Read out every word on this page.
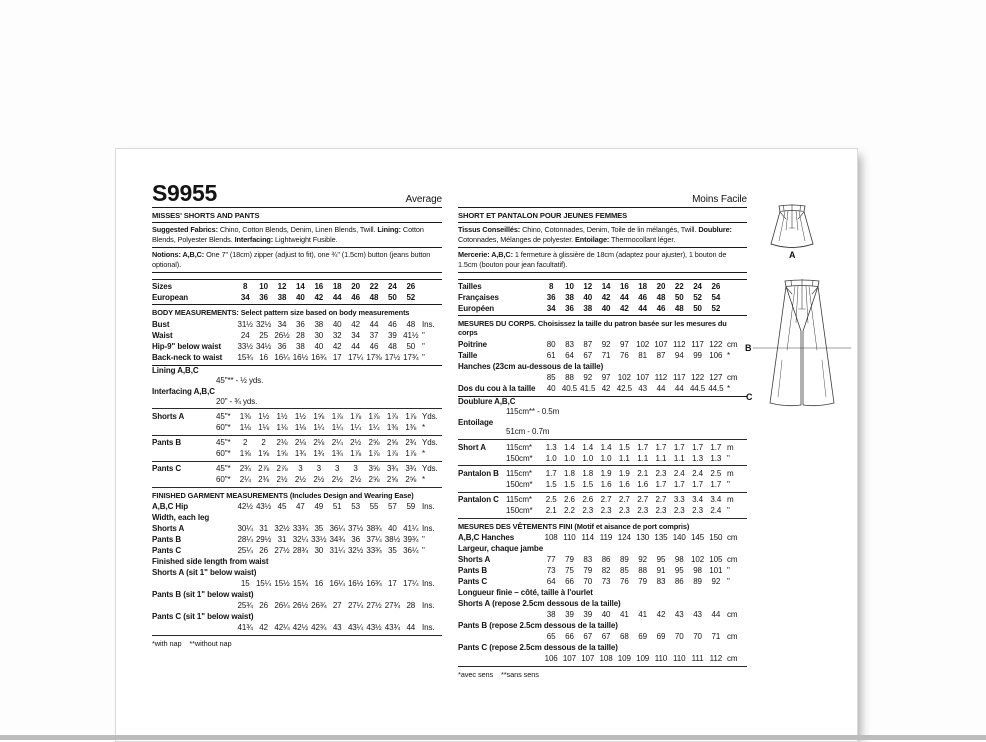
S9955	Average
MISSES' SHORTS AND PANTS
Suggested Fabrics: Chino, Cotton Blends, Denim, Linen Blends, Twill. Lining: Cotton Blends, Polyester Blends. Interfacing: Lightweight Fusible.
Notions: A,B,C: One 7" (18cm) zipper (adjust to fit), one ¾" (1.5cm) button (jeans button optional).
Sizes	8	10	12	14	16	18	20	22	24	26
European	34	36	38	40	42	44	46	48	50	52
BODY MEASUREMENTS: Select pattern size based on body measurements
Bust	31½ 32½ 34	36	38	40	42	44	46	48 Ins.
Waist	24	25 26½ 28	30	32	34	37	39 41½ "
Hip-9" below waist	33½ 34½ 36	38	40	42	44	46	48	50 "
Back-neck to waist	15¾ 16 16¼ 16½ 16¾ 17 17¼ 17⅜ 17½ 17¾ "
Lining A,B,C
45"** - ½ yds.
Interfacing A,B,C
20" - ¾ yds.
Shorts A	45"*	1⅜ 1½ 1½ 1½ 1⅝ 1⅞ 1⅞ 1⅞ 1⅞ 1⅞ Yds.
60"*	1⅛ 1⅛ 1⅛ 1⅛ 1¼ 1¼ 1¼ 1¼ 1⅜ 1⅜ *
Pants B	45"*	2	2	2⅛ 2⅛ 2⅛ 2¼ 2½ 2⅝ 2⅝ 2¾ Yds.
60"*	1⅝ 1⅝ 1⅝ 1¾ 1¾ 1¾ 1⅞ 1⅞ 1⅞ 1⅞ *
Pants C	45"*	2¾ 2⅞ 2⅞	3	3	3	3	3⅝ 3¾ 3¾ Yds.
60"*	2¼ 2⅜ 2½ 2½ 2½ 2½ 2½ 2⅝ 2⅝ 2⅝ *
FINISHED GARMENT MEASUREMENTS (Includes Design and Wearing Ease)
A,B,C Hip	42½ 43½ 45	47	49	51	53	55	57	59 Ins.
Width, each leg
Shorts A	30¼ 31 32½ 33¾ 35 36¼ 37½ 38¾ 40 41¼ Ins.
Pants B	28¼ 29½ 31 32¼ 33½ 34¾ 36 37¼ 38½ 39¾ "
Pants C	25¼ 26 27½ 28¾ 30 31¼ 32½ 33¾ 35 36¼ "
Finished side length from waist
Shorts A (sit 1" below waist)
15 15¼ 15½ 15¾ 16 16¼ 16½ 16¾ 17 17¼ Ins.
Pants B (sit 1" below waist)
25¾ 26 26¼ 26½ 26¾ 27 27¼ 27½ 27¾ 28 Ins.
Pants C (sit 1" below waist)
41¾ 42 42¼ 42½ 42¾ 43 43¼ 43½ 43¾ 44 Ins.
*with nap    **without nap
Moins Facile
SHORT ET PANTALON POUR JEUNES FEMMES
Tissus Conseillés: Chino, Cotonnades, Denim, Toile de lin mélangés, Twill. Doublure: Cotonnades, Mélanges de polyester. Entoilage: Thermocollant léger.
Mercerie: A,B,C: 1 fermeture à glissière de 18cm (adaptez pour ajuster), 1 bouton de 1.5cm (bouton pour jean facultatif).
Tailles	8	10	12	14	16	18	20	22	24	26
Françaises	36	38	40	42	44	46	48	50	52	54
Européen	34	36	38	40	42	44	46	48	50	52
MESURES DU CORPS. Choisissez la taille du patron basée sur les mesures du corps
Poitrine	80	83	87	92	97 102 107 112 117 122 cm
Taille	61	64	67	71	76	81	87	94	99 106 *
Hanches (23cm au-dessous de la taille)
85	88	92	97 102 107 112 117 122 127 cm
Dos du cou à la taille	40 40.5 41.5 42 42.5 43	44	44 44.5 44.5 *
Doublure A,B,C
115cm** - 0.5m
Entoilage
51cm - 0.7m
Short A	115cm*	1.3 1.4 1.4 1.4 1.5 1.7 1.7 1.7 1.7 1.7 m
150cm*	1.0 1.0 1.0 1.0 1.1 1.1 1.1 1.1 1.3 1.3 "
Pantalon B 115cm*	1.7 1.8 1.8 1.9 1.9 2.1 2.3 2.4 2.4 2.5 m
150cm*	1.5 1.5 1.5 1.6 1.6 1.6 1.7 1.7 1.7 1.7 "
Pantalon C 115cm*	2.5 2.6 2.6 2.7 2.7 2.7 2.7 3.3 3.4 3.4 m
150cm*	2.1 2.2 2.3 2.3 2.3 2.3 2.3 2.3 2.3 2.4 "
MESURES DES VÊTEMENTS FINI (Motif et aisance de port compris)
A,B,C Hanches	108 110 114 119 124 130 135 140 145 150 cm
Largeur, chaque jambe
Shorts A	77	79	83	86	89	92	95	98 102 105 cm
Pants B	73	75	79	82	85	88	91	95	98 101 "
Pants C	64	66	70	73	76	79	83	86	89	92 "
Longueur finie – côté, taille à l'ourlet
Shorts A (repose 2.5cm dessous de la taille)
38	39	39	40	41	41	42	43	43	44 cm
Pants B (repose 2.5cm dessous de la taille)
65	66	67	67	68	69	69	70	70	71 cm
Pants C (repose 2.5cm dessous de la taille)
106 107 107 108 109 109 110 110 111 112 cm
*avec sens    **sans sens
A
B
C
